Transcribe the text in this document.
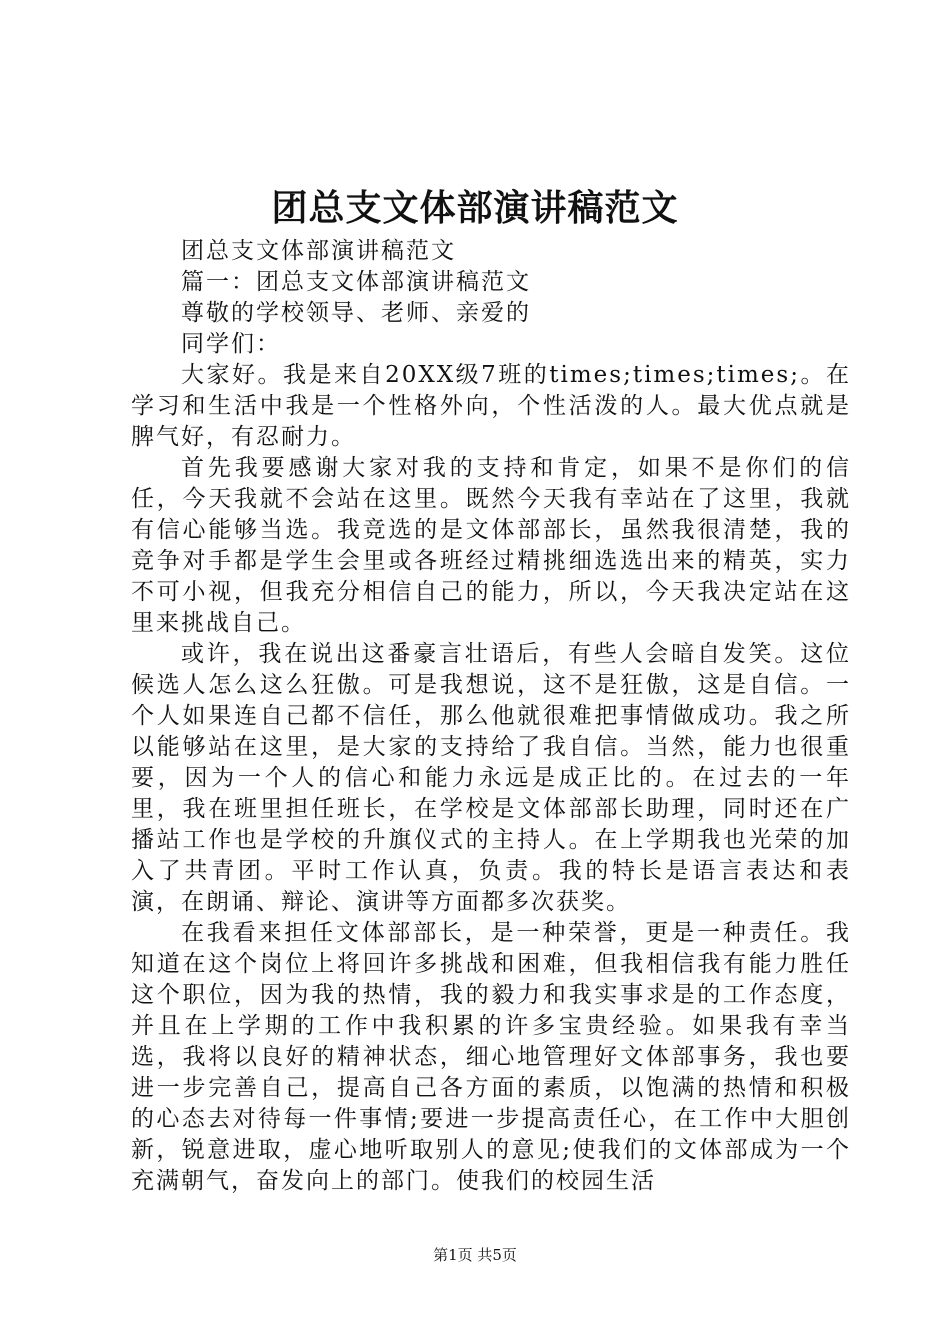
团总支文体部演讲稿范文

团总支文体部演讲稿范文

篇一：团总支文体部演讲稿范文

尊敬的学校领导、老师、亲爱的

同学们：

大家好。我是来自20XX级7班的times;times;times;。在学习和生活中我是一个性格外向，个性活泼的人。最大优点就是脾气好，有忍耐力。

首先我要感谢大家对我的支持和肯定，如果不是你们的信任，今天我就不会站在这里。既然今天我有幸站在了这里，我就有信心能够当选。我竞选的是文体部部长，虽然我很清楚，我的竞争对手都是学生会里或各班经过精挑细选选出来的精英，实力不可小视，但我充分相信自己的能力，所以，今天我决定站在这里来挑战自己。

或许，我在说出这番豪言壮语后，有些人会暗自发笑。这位候选人怎么这么狂傲。可是我想说，这不是狂傲，这是自信。一个人如果连自己都不信任，那么他就很难把事情做成功。我之所以能够站在这里，是大家的支持给了我自信。当然，能力也很重要，因为一个人的信心和能力永远是成正比的。在过去的一年里，我在班里担任班长，在学校是文体部部长助理，同时还在广播站工作也是学校的升旗仪式的主持人。在上学期我也光荣的加入了共青团。平时工作认真，负责。我的特长是语言表达和表演，在朗诵、辩论、演讲等方面都多次获奖。

在我看来担任文体部部长，是一种荣誉，更是一种责任。我知道在这个岗位上将回许多挑战和困难，但我相信我有能力胜任这个职位，因为我的热情，我的毅力和我实事求是的工作态度，并且在上学期的工作中我积累的许多宝贵经验。如果我有幸当选，我将以良好的精神状态，细心地管理好文体部事务，我也要进一步完善自己，提高自己各方面的素质，以饱满的热情和积极的心态去对待每一件事情;要进一步提高责任心，在工作中大胆创新，锐意进取，虚心地听取别人的意见;使我们的文体部成为一个充满朝气，奋发向上的部门。使我们的校园生活

第1页 共5页
